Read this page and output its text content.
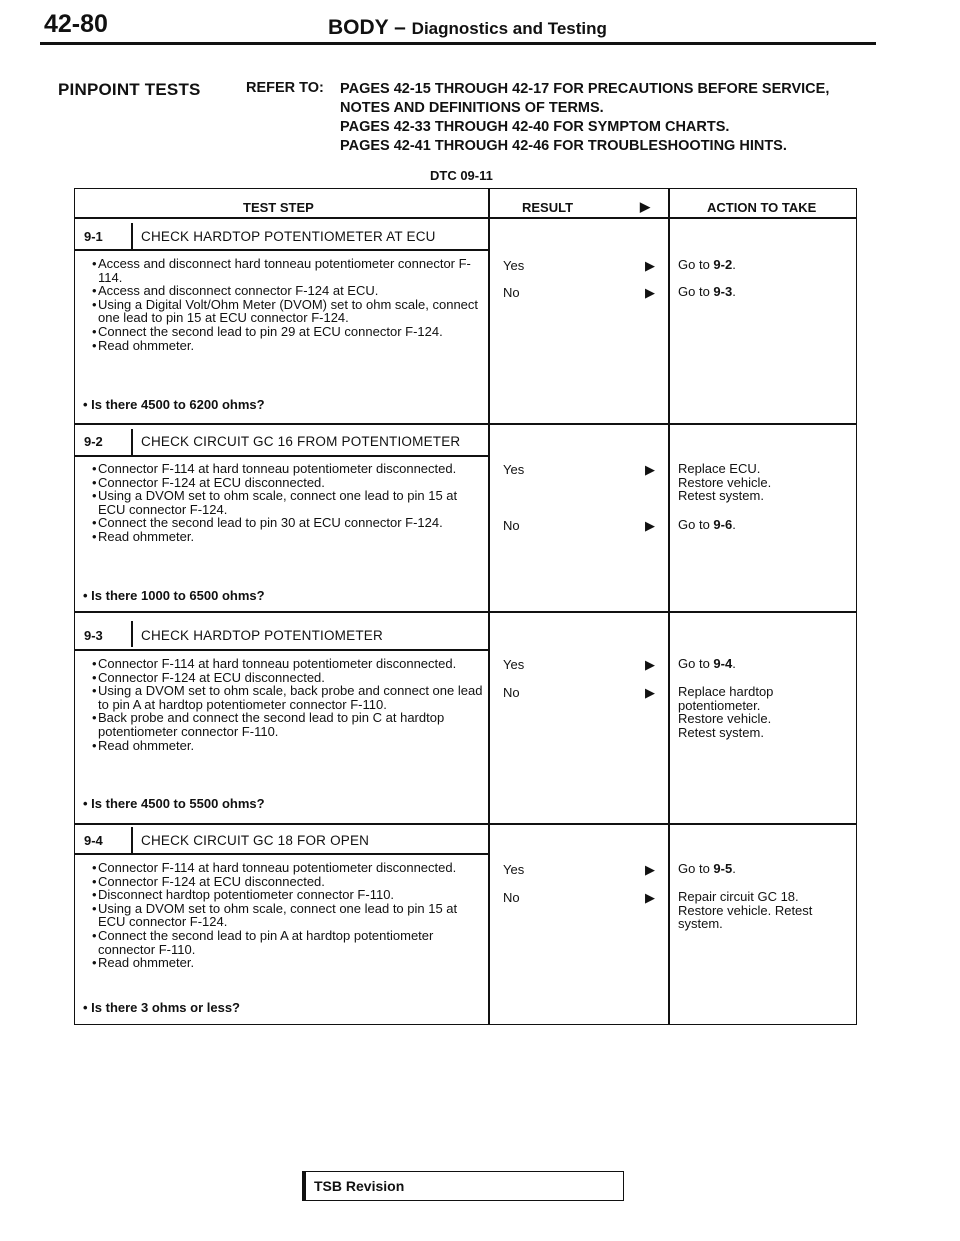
42-80	BODY – Diagnostics and Testing
PINPOINT TESTS	REFER TO: PAGES 42-15 THROUGH 42-17 FOR PRECAUTIONS BEFORE SERVICE,
NOTES AND DEFINITIONS OF TERMS.
PAGES 42-33 THROUGH 42-40 FOR SYMPTOM CHARTS.
PAGES 42-41 THROUGH 42-46 FOR TROUBLESHOOTING HINTS.
DTC 09-11
TEST STEP	RESULT	▶	ACTION TO TAKE
9-1	CHECK HARDTOP POTENTIOMETER AT ECU
• Access and disconnect hard tonneau potentiometer connector F-114.
• Access and disconnect connector F-124 at ECU.
• Using a Digital Volt/Ohm Meter (DVOM) set to ohm scale, connect one lead to pin 15 at ECU connector F-124.
• Connect the second lead to pin 29 at ECU connector F-124.
• Read ohmmeter.
• Is there 4500 to 6200 ohms?
Yes	▶ Go to 9-2.
No	▶ Go to 9-3.
9-2	CHECK CIRCUIT GC 16 FROM POTENTIOMETER
• Connector F-114 at hard tonneau potentiometer disconnected.
• Connector F-124 at ECU disconnected.
• Using a DVOM set to ohm scale, connect one lead to pin 15 at ECU connector F-124.
• Connect the second lead to pin 30 at ECU connector F-124.
• Read ohmmeter.
• Is there 1000 to 6500 ohms?
Yes	▶ Replace ECU. Restore vehicle. Retest system.
No	▶ Go to 9-6.
9-3	CHECK HARDTOP POTENTIOMETER
• Connector F-114 at hard tonneau potentiometer disconnected.
• Connector F-124 at ECU disconnected.
• Using a DVOM set to ohm scale, back probe and connect one lead to pin A at hardtop potentiometer connector F-110.
• Back probe and connect the second lead to pin C at hardtop potentiometer connector F-110.
• Read ohmmeter.
• Is there 4500 to 5500 ohms?
Yes	▶ Go to 9-4.
No	▶ Replace hardtop potentiometer. Restore vehicle. Retest system.
9-4	CHECK CIRCUIT GC 18 FOR OPEN
• Connector F-114 at hard tonneau potentiometer disconnected.
• Connector F-124 at ECU disconnected.
• Disconnect hardtop potentiometer connector F-110.
• Using a DVOM set to ohm scale, connect one lead to pin 15 at ECU connector F-124.
• Connect the second lead to pin A at hardtop potentiometer connector F-110.
• Read ohmmeter.
• Is there 3 ohms or less?
Yes	▶ Go to 9-5.
No	▶ Repair circuit GC 18. Restore vehicle. Retest system.
TSB Revision
